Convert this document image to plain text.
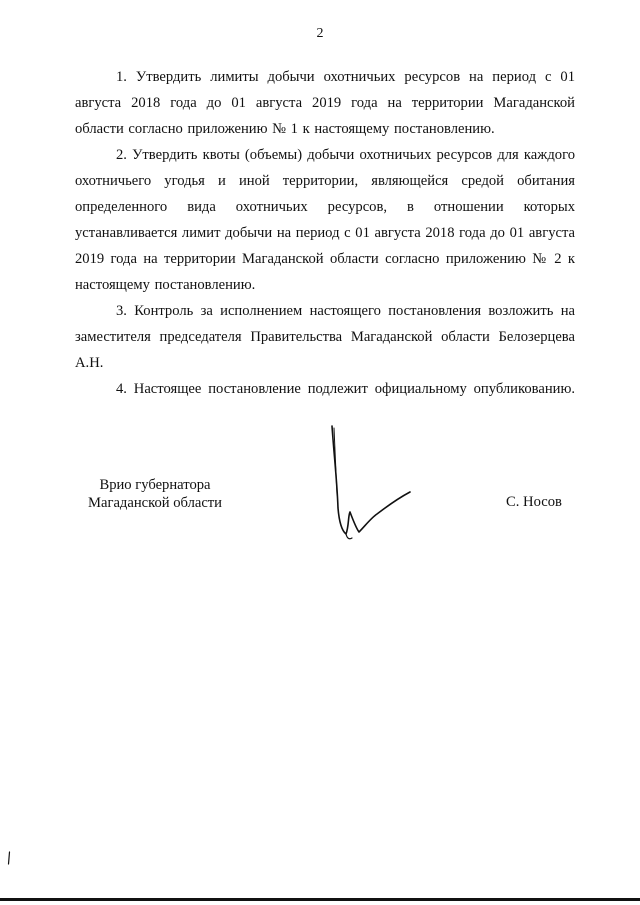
2

1. Утвердить лимиты добычи охотничьих ресурсов на период с 01 августа 2018 года до 01 августа 2019 года на территории Магаданской области согласно приложению № 1 к настоящему постановлению.

2. Утвердить квоты (объемы) добычи охотничьих ресурсов для каждого охотничьего угодья и иной территории, являющейся средой обитания определенного вида охотничьих ресурсов, в отношении которых устанавливается лимит добычи на период с 01 августа 2018 года до 01 августа 2019 года на территории Магаданской области согласно приложению № 2 к настоящему постановлению.

3. Контроль за исполнением настоящего постановления возложить на заместителя председателя Правительства Магаданской области Белозерцева А.Н.

4. Настоящее постановление подлежит официальному опубликованию.

Врио губернатора
Магаданской области	С. Носов
